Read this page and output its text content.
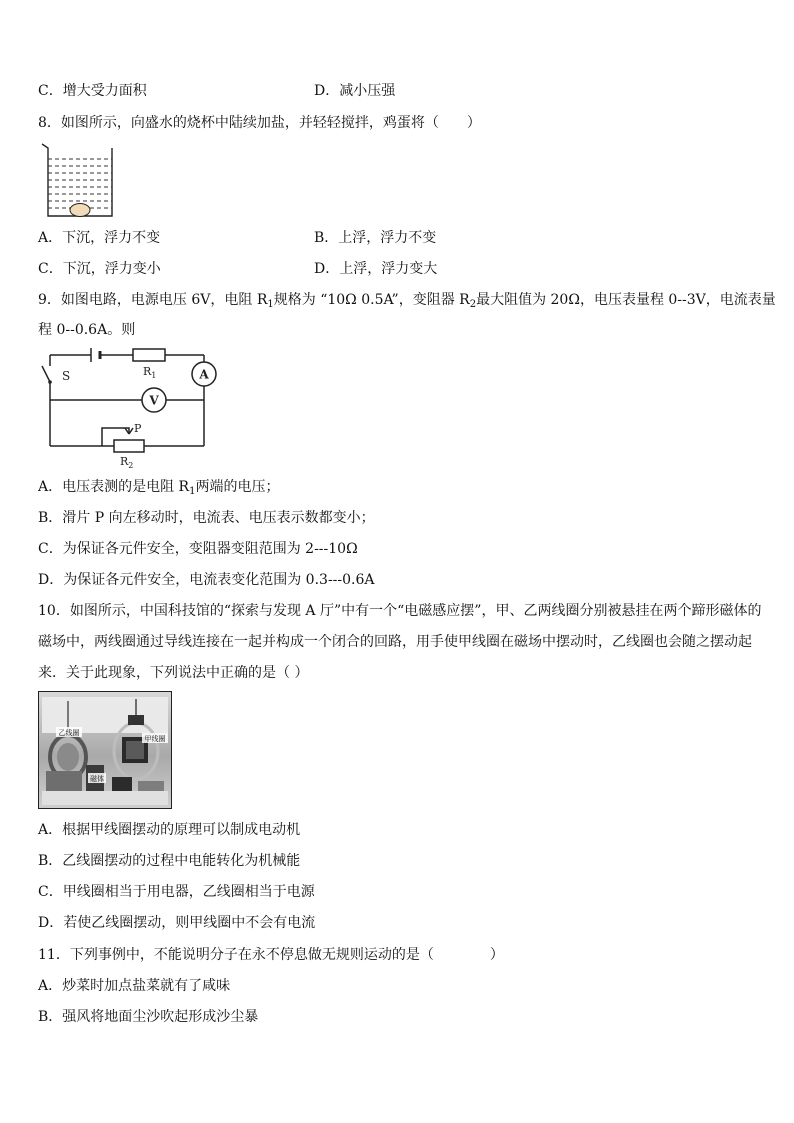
C．增大受力面积	D．减小压强
8．如图所示，向盛水的烧杯中陆续加盐，并轻轻搅拌，鸡蛋将（　　）
A．下沉，浮力不变	B．上浮，浮力不变
C．下沉，浮力变小	D．上浮，浮力变大
9．如图电路，电源电压 6V，电阻 $R_1$规格为 “10Ω 0.5A”，变阻器 $R_2$最大阻值为 20Ω，电压表量程 0--3V，电流表量
程 0--0.6A。则
S	$R_1$	A
V
P
$R_2$
A．电压表测的是电阻 $R_1$两端的电压；
B．滑片 P 向左移动时，电流表、电压表示数都变小；
C．为保证各元件安全，变阻器变阻范围为 2---10Ω
D．为保证各元件安全，电流表变化范围为 0.3---0.6A
10．如图所示，中国科技馆的“探索与发现 A 厅”中有一个“电磁感应摆”，甲、乙两线圈分别被悬挂在两个蹄形磁体的
磁场中，两线圈通过导线连接在一起并构成一个闭合的回路，用手使甲线圈在磁场中摆动时，乙线圈也会随之摆动起
来．关于此现象，下列说法中正确的是（ ）
乙线圈
甲线圈
磁体
A．根据甲线圈摆动的原理可以制成电动机
B．乙线圈摆动的过程中电能转化为机械能
C．甲线圈相当于用电器，乙线圈相当于电源
D．若使乙线圈摆动，则甲线圈中不会有电流
11．下列事例中，不能说明分子在永不停息做无规则运动的是（　　　　）
A．炒菜时加点盐菜就有了咸味
B．强风将地面尘沙吹起形成沙尘暴
